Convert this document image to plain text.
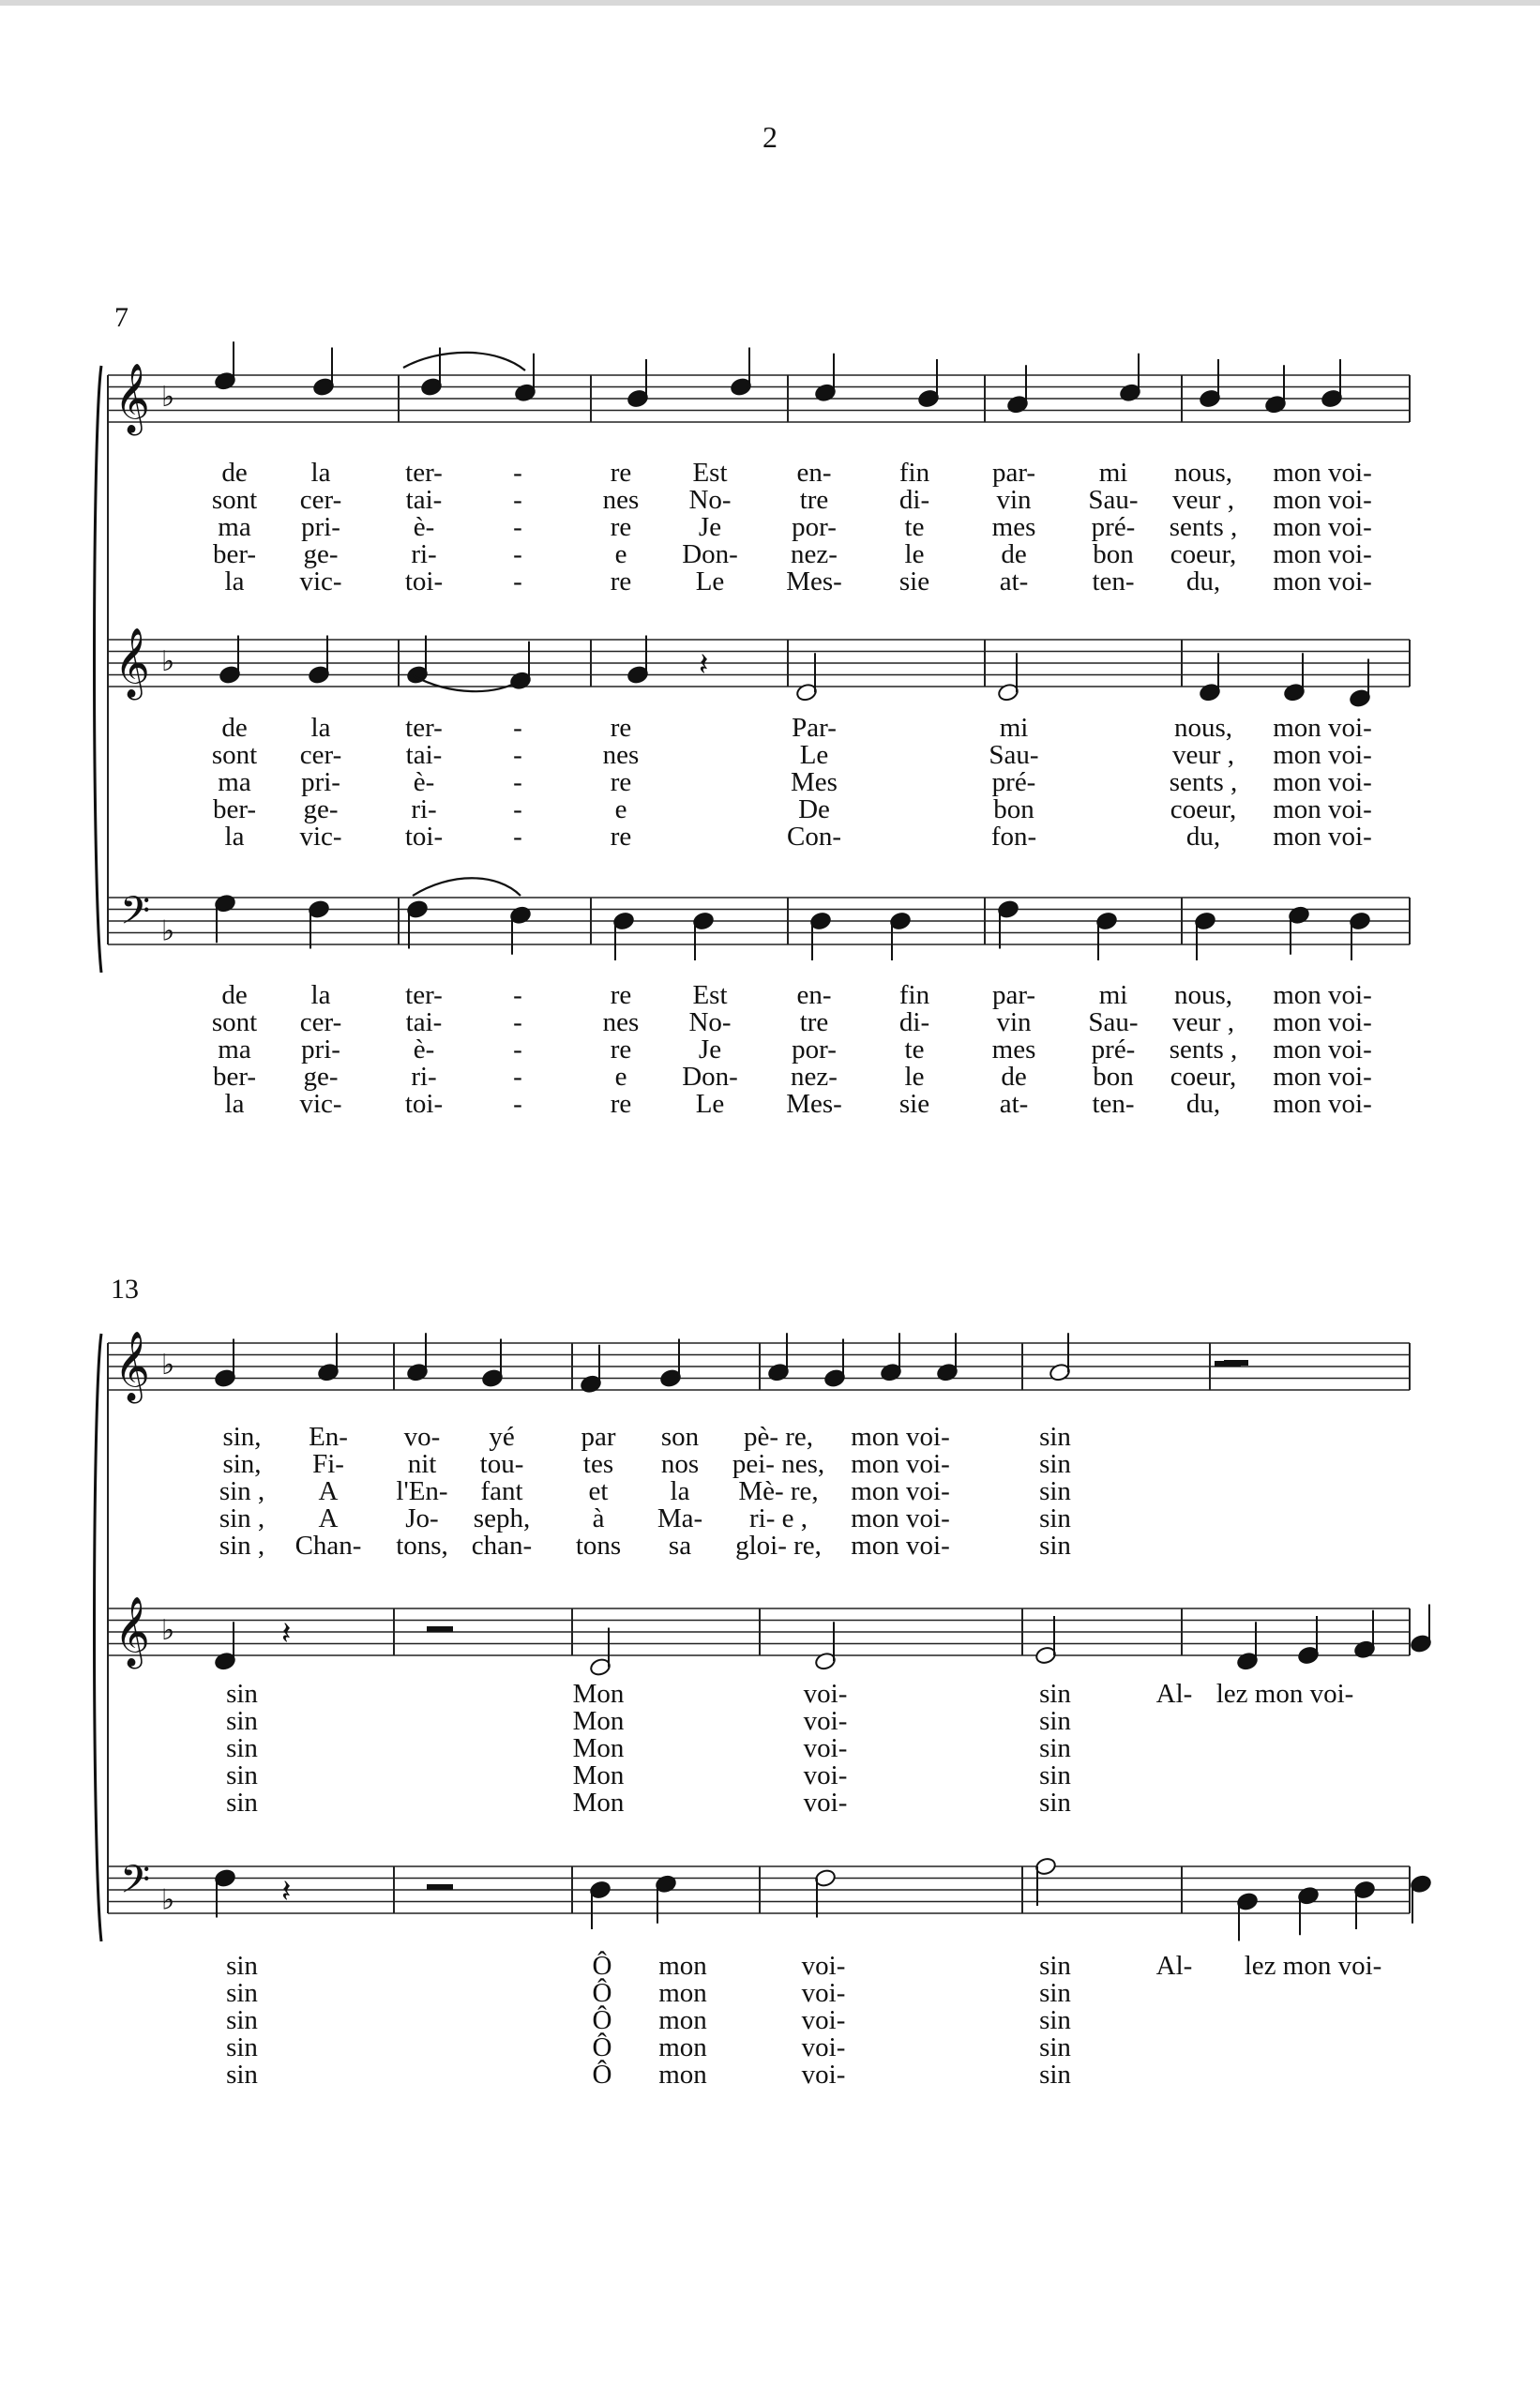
2
7
13
𝄞 ♭
𝄞 ♭
𝄢 ♭
𝄞 ♭
𝄞 ♭
𝄢 ♭
𝄽
𝄽
𝄽
de la	ter-	-	re Est	en- fin par- mi nous, mon voi-
sont cer- tai-	-	nes No-	tre	di- vin Sau- veur , mon voi-
ma pri-	è-	-	re Je	por-	te mes pré- sents , mon voi-
ber- ge-	ri-	-	e Don- nez- le	de bon coeur, mon voi-
la vic- toi-	-	re Le Mes- sie	at- ten- du, mon voi-
de la	ter-	-	re	Par-	mi	nous, mon voi-
sont cer- tai-	-	nes	Le	Sau-	veur , mon voi-
ma pri-	è-	-	re	Mes	pré-	sents , mon voi-
ber- ge-	ri-	-	e	De	bon	coeur, mon voi-
la vic- toi-	-	re	Con-	fon-	du, mon voi-
de la	ter-	-	re Est	en- fin par- mi nous, mon voi-
sont cer- tai-	-	nes No-	tre	di- vin Sau- veur , mon voi-
ma pri-	è-	-	re Je	por-	te mes pré- sents , mon voi-
ber- ge-	ri-	-	e Don- nez- le	de bon coeur, mon voi-
la vic- toi-	-	re Le Mes- sie	at- ten- du, mon voi-
sin, En- vo- yé par son pè- re, mon voi-	sin
sin, Fi- nit tou- tes nos pei- nes, mon voi-	sin
sin , A l'En- fant et la Mè- re, mon voi-	sin
sin , A Jo- seph, à Ma- ri- e , mon voi-	sin
sin , Chan- tons, chan- tons sa gloi- re, mon voi-	sin
sin	Mon	voi-	sin	Al- lez mon voi-
sin	Mon	voi-	sin
sin	Mon	voi-	sin
sin	Mon	voi-	sin
sin	Mon	voi-	sin
sin	Ô mon	voi-	sin	Al- lez mon voi-
sin	Ô mon	voi-	sin
sin	Ô mon	voi-	sin
sin	Ô mon	voi-	sin
sin	Ô mon	voi-	sin
